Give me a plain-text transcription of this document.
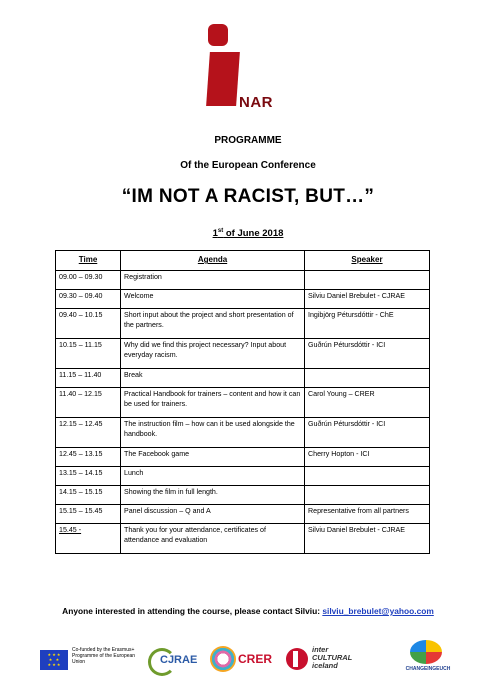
NAR
PROGRAMME
Of the European Conference
“IM NOT A RACIST, BUT…”
1st of June 2018
Time	Agenda	Speaker
09.00 – 09.30	Registration	
09.30 – 09.40	Welcome	Silviu Daniel Brebulet - CJRAE
09.40 – 10.15	Short input about the project and short presentation of the partners.	Ingibjörg Pétursdóttir - ChE
10.15 – 11.15	Why did we find this project necessary? Input about everyday racism.	Guðrún Pétursdóttir - ICI
11.15 – 11.40	Break	
11.40 – 12.15	Practical Handbook for trainers – content and how it can be used for trainers.	Carol Young – CRER
12.15 – 12.45	The instruction film – how can it be used alongside the handbook.	Guðrún Pétursdóttir - ICI
12.45 – 13.15	The Facebook game	Cherry Hopton - ICI
13.15 – 14.15	Lunch	
14.15 – 15.15	Showing the film in full length.	
15.15 – 15.45	Panel discussion – Q and A	Representative from all partners
15.45 -	Thank you for your attendance, certificates of attendance and evaluation	Silviu Daniel Brebulet - CJRAE
Anyone interested in attending the course, please contact Silviu: silviu_brebulet@yahoo.com
★ ★ ★
★   ★
★ ★ ★
Co-funded by the Erasmus+ Programme of the European Union	CJRAE	CRER
inter
CULTURAL
iceland	CHANGEINGEUCH
